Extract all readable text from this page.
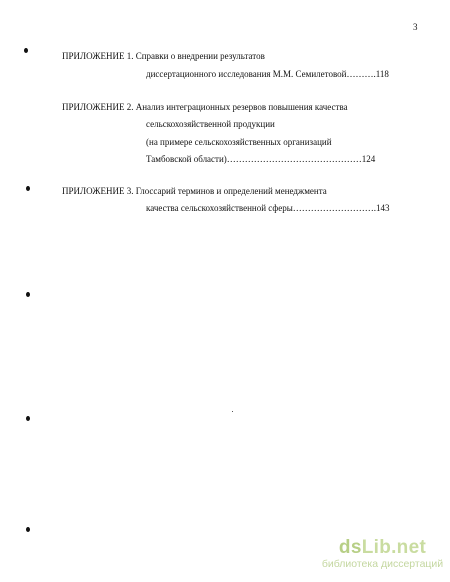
3
ПРИЛОЖЕНИЕ 1. Справки о внедрении результатов
диссертационного исследования М.М. Семилетовой……….118
ПРИЛОЖЕНИЕ 2. Анализ интеграционных резервов повышения качества
сельскохозяйственной продукции
(на примере сельскохозяйственных организаций
Тамбовской области)………………………………………124
ПРИЛОЖЕНИЕ 3. Глоссарий терминов и определений менеджмента
качества сельскохозяйственной сферы……………………….143
dsLib.net
библиотека диссертаций
